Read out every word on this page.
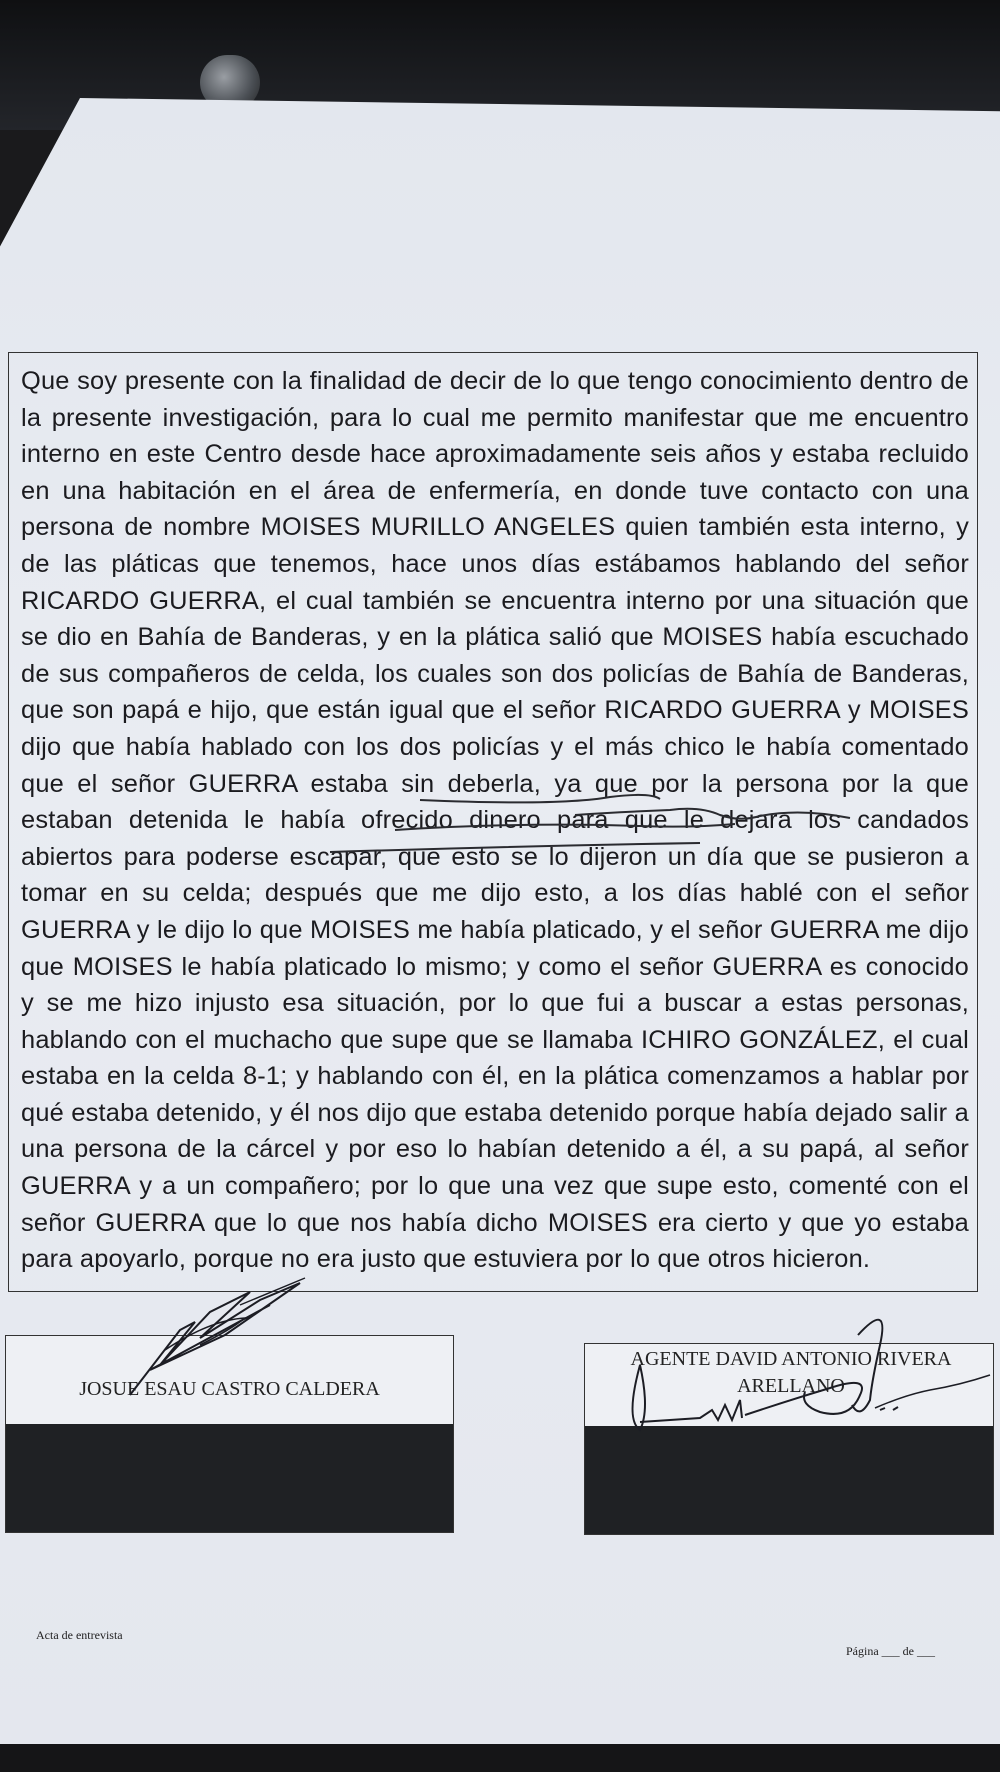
Que soy presente con la finalidad de decir de lo que tengo conocimiento dentro de la presente investigación, para lo cual me permito manifestar que me encuentro interno en este Centro desde hace aproximadamente seis años y estaba recluido en una habitación en el área de enfermería, en donde tuve contacto con una persona de nombre MOISES MURILLO ANGELES quien también esta interno, y de las pláticas que tenemos, hace unos días estábamos hablando del señor RICARDO GUERRA, el cual también se encuentra interno por una situación que se dio en Bahía de Banderas, y en la plática salió que MOISES había escuchado de sus compañeros de celda, los cuales son dos policías de Bahía de Banderas, que son papá e hijo, que están igual que el señor RICARDO GUERRA y MOISES dijo que había hablado con los dos policías y el más chico le había comentado que el señor GUERRA estaba sin deberla, ya que por la persona por la que estaban detenida le había ofrecido dinero para que le dejara los candados abiertos para poderse escapar, que esto se lo dijeron un día que se pusieron a tomar en su celda; después que me dijo esto, a los días hablé con el señor GUERRA y le dijo lo que MOISES me había platicado, y el señor GUERRA me dijo que MOISES le había platicado lo mismo; y como el señor GUERRA es conocido y se me hizo injusto esa situación, por lo que fui a buscar a estas personas, hablando con el muchacho que supe que se llamaba ICHIRO GONZÁLEZ, el cual estaba en la celda 8-1; y hablando con él, en la plática comenzamos a hablar por qué estaba detenido, y él nos dijo que estaba detenido porque había dejado salir a una persona de la cárcel y por eso lo habían detenido a él, a su papá, al señor GUERRA y a un compañero; por lo que una vez que supe esto, comenté con el señor GUERRA que lo que nos había dicho MOISES era cierto y que yo estaba para apoyarlo, porque no era justo que estuviera por lo que otros hicieron.

JOSUE ESAU CASTRO CALDERA
AGENTE DAVID ANTONIO RIVERA ARELLANO
Acta de entrevista
Página ___ de ___
